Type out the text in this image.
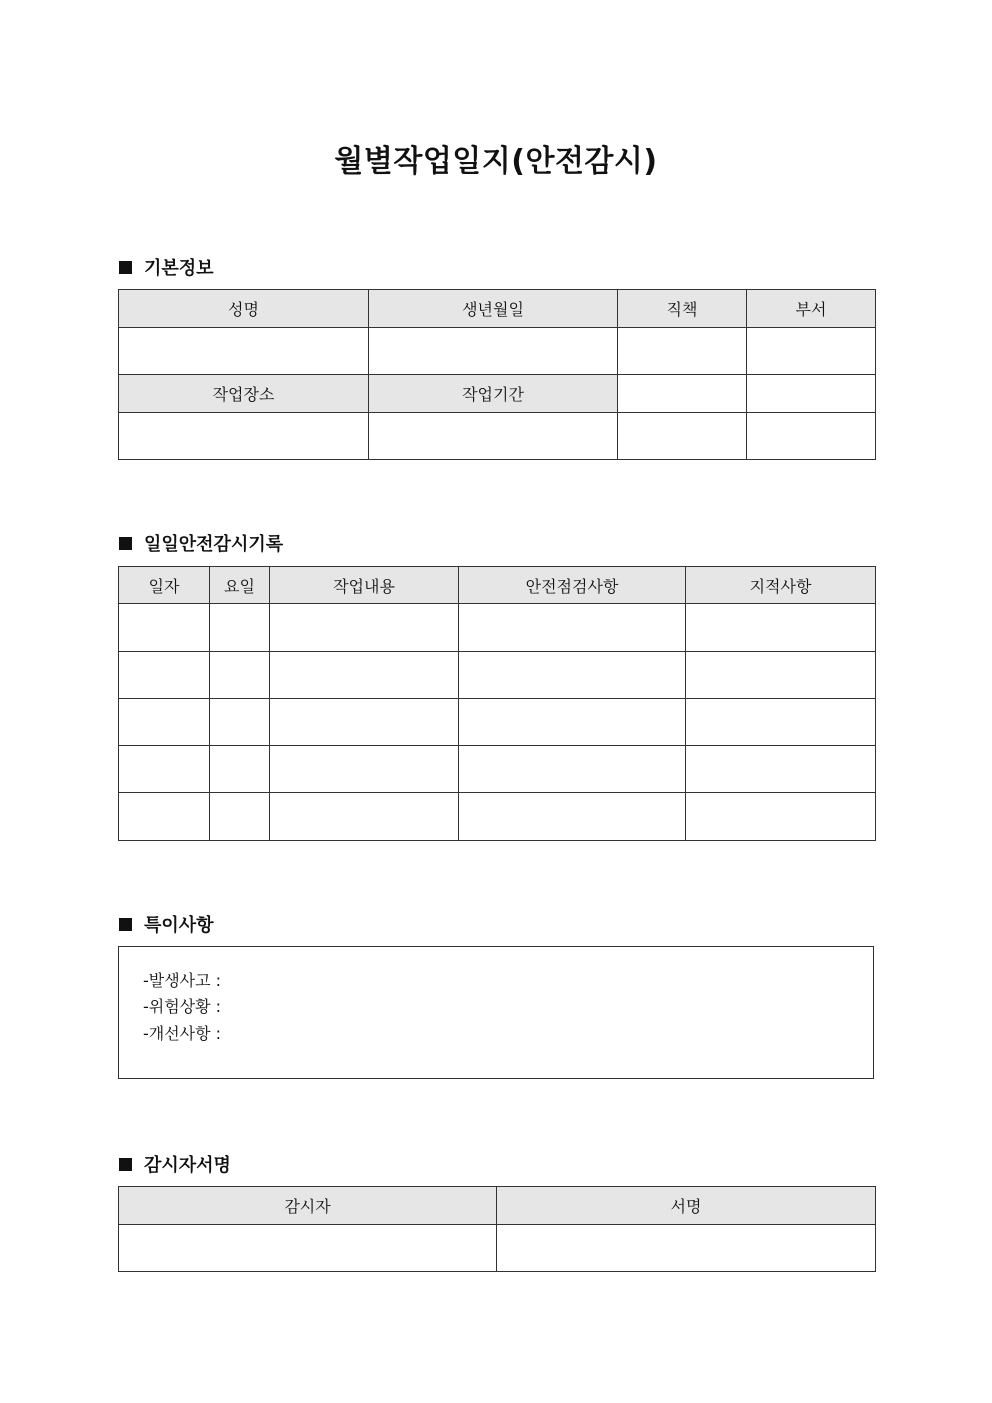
월별작업일지(안전감시)
기본정보
성명	생년월일	직책	부서

작업장소	작업기간		

일일안전감시기록
일자	요일	작업내용	안전점검사항	지적사항

특이사항
-발생사고 :
-위험상황 :
-개선사항 :
감시자서명
감시자	서명
